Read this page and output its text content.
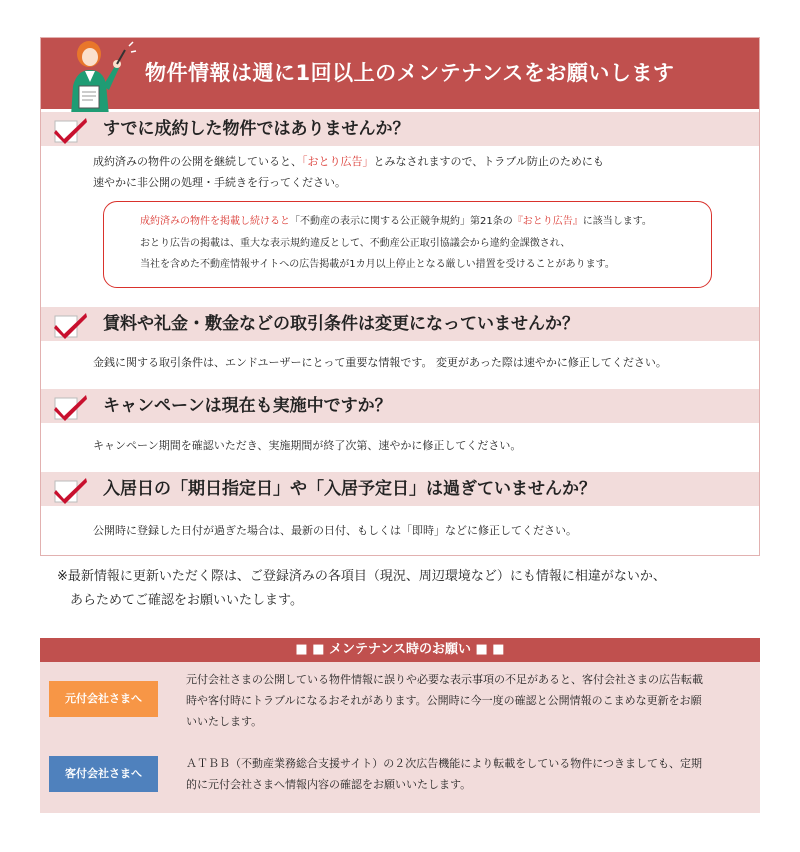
物件情報は週に1回以上のメンテナンスをお願いします
すでに成約した物件ではありませんか？
成約済みの物件の公開を継続していると、「おとり広告」とみなされますので、トラブル防止のためにも
速やかに非公開の処理・手続きを行ってください。
成約済みの物件を掲載し続けると「不動産の表示に関する公正競争規約」第21条の『おとり広告』に該当します。
おとり広告の掲載は、重大な表示規約違反として、不動産公正取引協議会から違約金課徴され、
当社を含めた不動産情報サイトへの広告掲載が1カ月以上停止となる厳しい措置を受けることがあります。
賃料や礼金・敷金などの取引条件は変更になっていませんか？
金銭に関する取引条件は、エンドユーザーにとって重要な情報です。 変更があった際は速やかに修正してください。
キャンペーンは現在も実施中ですか？
キャンペーン期間を確認いただき、実施期間が終了次第、速やかに修正してください。
入居日の「期日指定日」や「入居予定日」は過ぎていませんか？
公開時に登録した日付が過ぎた場合は、最新の日付、もしくは「即時」などに修正してください。
※最新情報に更新いただく際は、ご登録済みの各項目（現況、周辺環境など）にも情報に相違がないか、
　あらためてご確認をお願いいたします。
■ ■ メンテナンス時のお願い ■ ■
元付会社さまへ
元付会社さまの公開している物件情報に誤りや必要な表示事項の不足があると、客付会社さまの広告転載
時や客付時にトラブルになるおそれがあります。公開時に今一度の確認と公開情報のこまめな更新をお願
いいたします。
客付会社さまへ
ＡＴＢＢ（不動産業務総合支援サイト）の２次広告機能により転載をしている物件につきましても、定期
的に元付会社さまへ情報内容の確認をお願いいたします。
